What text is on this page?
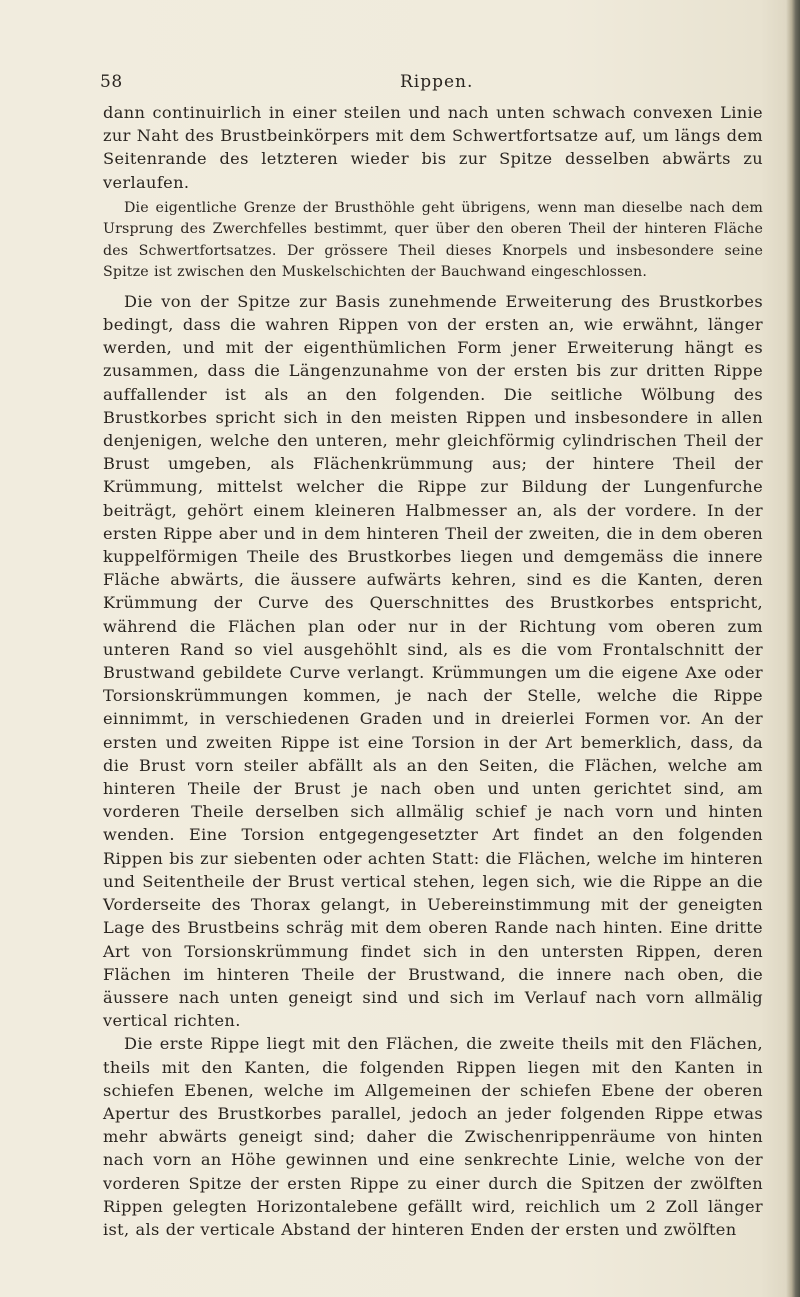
58	Rippen.

dann continuirlich in einer steilen und nach unten schwach convexen Linie zur Naht des Brustbeinkörpers mit dem Schwertfortsatze auf, um längs dem Seitenrande des letzteren wieder bis zur Spitze desselben abwärts zu verlaufen.

Die eigentliche Grenze der Brusthöhle geht übrigens, wenn man dieselbe nach dem Ursprung des Zwerchfelles bestimmt, quer über den oberen Theil der hinteren Fläche des Schwertfortsatzes. Der grössere Theil dieses Knorpels und insbesondere seine Spitze ist zwischen den Muskelschichten der Bauchwand eingeschlossen.

Die von der Spitze zur Basis zunehmende Erweiterung des Brustkorbes bedingt, dass die wahren Rippen von der ersten an, wie erwähnt, länger werden, und mit der eigenthümlichen Form jener Erweiterung hängt es zusammen, dass die Längenzunahme von der ersten bis zur dritten Rippe auffallender ist als an den folgenden. Die seitliche Wölbung des Brustkorbes spricht sich in den meisten Rippen und insbesondere in allen denjenigen, welche den unteren, mehr gleichförmig cylindrischen Theil der Brust umgeben, als Flächenkrümmung aus; der hintere Theil der Krümmung, mittelst welcher die Rippe zur Bildung der Lungenfurche beiträgt, gehört einem kleineren Halbmesser an, als der vordere. In der ersten Rippe aber und in dem hinteren Theil der zweiten, die in dem oberen kuppelförmigen Theile des Brustkorbes liegen und demgemäss die innere Fläche abwärts, die äussere aufwärts kehren, sind es die Kanten, deren Krümmung der Curve des Querschnittes des Brustkorbes entspricht, während die Flächen plan oder nur in der Richtung vom oberen zum unteren Rand so viel ausgehöhlt sind, als es die vom Frontalschnitt der Brustwand gebildete Curve verlangt. Krümmungen um die eigene Axe oder Torsionskrümmungen kommen, je nach der Stelle, welche die Rippe einnimmt, in verschiedenen Graden und in dreierlei Formen vor. An der ersten und zweiten Rippe ist eine Torsion in der Art bemerklich, dass, da die Brust vorn steiler abfällt als an den Seiten, die Flächen, welche am hinteren Theile der Brust je nach oben und unten gerichtet sind, am vorderen Theile derselben sich allmälig schief je nach vorn und hinten wenden. Eine Torsion entgegengesetzter Art findet an den folgenden Rippen bis zur siebenten oder achten Statt: die Flächen, welche im hinteren und Seitentheile der Brust vertical stehen, legen sich, wie die Rippe an die Vorderseite des Thorax gelangt, in Uebereinstimmung mit der geneigten Lage des Brustbeins schräg mit dem oberen Rande nach hinten. Eine dritte Art von Torsionskrümmung findet sich in den untersten Rippen, deren Flächen im hinteren Theile der Brustwand, die innere nach oben, die äussere nach unten geneigt sind und sich im Verlauf nach vorn allmälig vertical richten.

Die erste Rippe liegt mit den Flächen, die zweite theils mit den Flächen, theils mit den Kanten, die folgenden Rippen liegen mit den Kanten in schiefen Ebenen, welche im Allgemeinen der schiefen Ebene der oberen Apertur des Brustkorbes parallel, jedoch an jeder folgenden Rippe etwas mehr abwärts geneigt sind; daher die Zwischenrippenräume von hinten nach vorn an Höhe gewinnen und eine senkrechte Linie, welche von der vorderen Spitze der ersten Rippe zu einer durch die Spitzen der zwölften Rippen gelegten Horizontalebene gefällt wird, reichlich um 2 Zoll länger ist, als der verticale Abstand der hinteren Enden der ersten und zwölften
